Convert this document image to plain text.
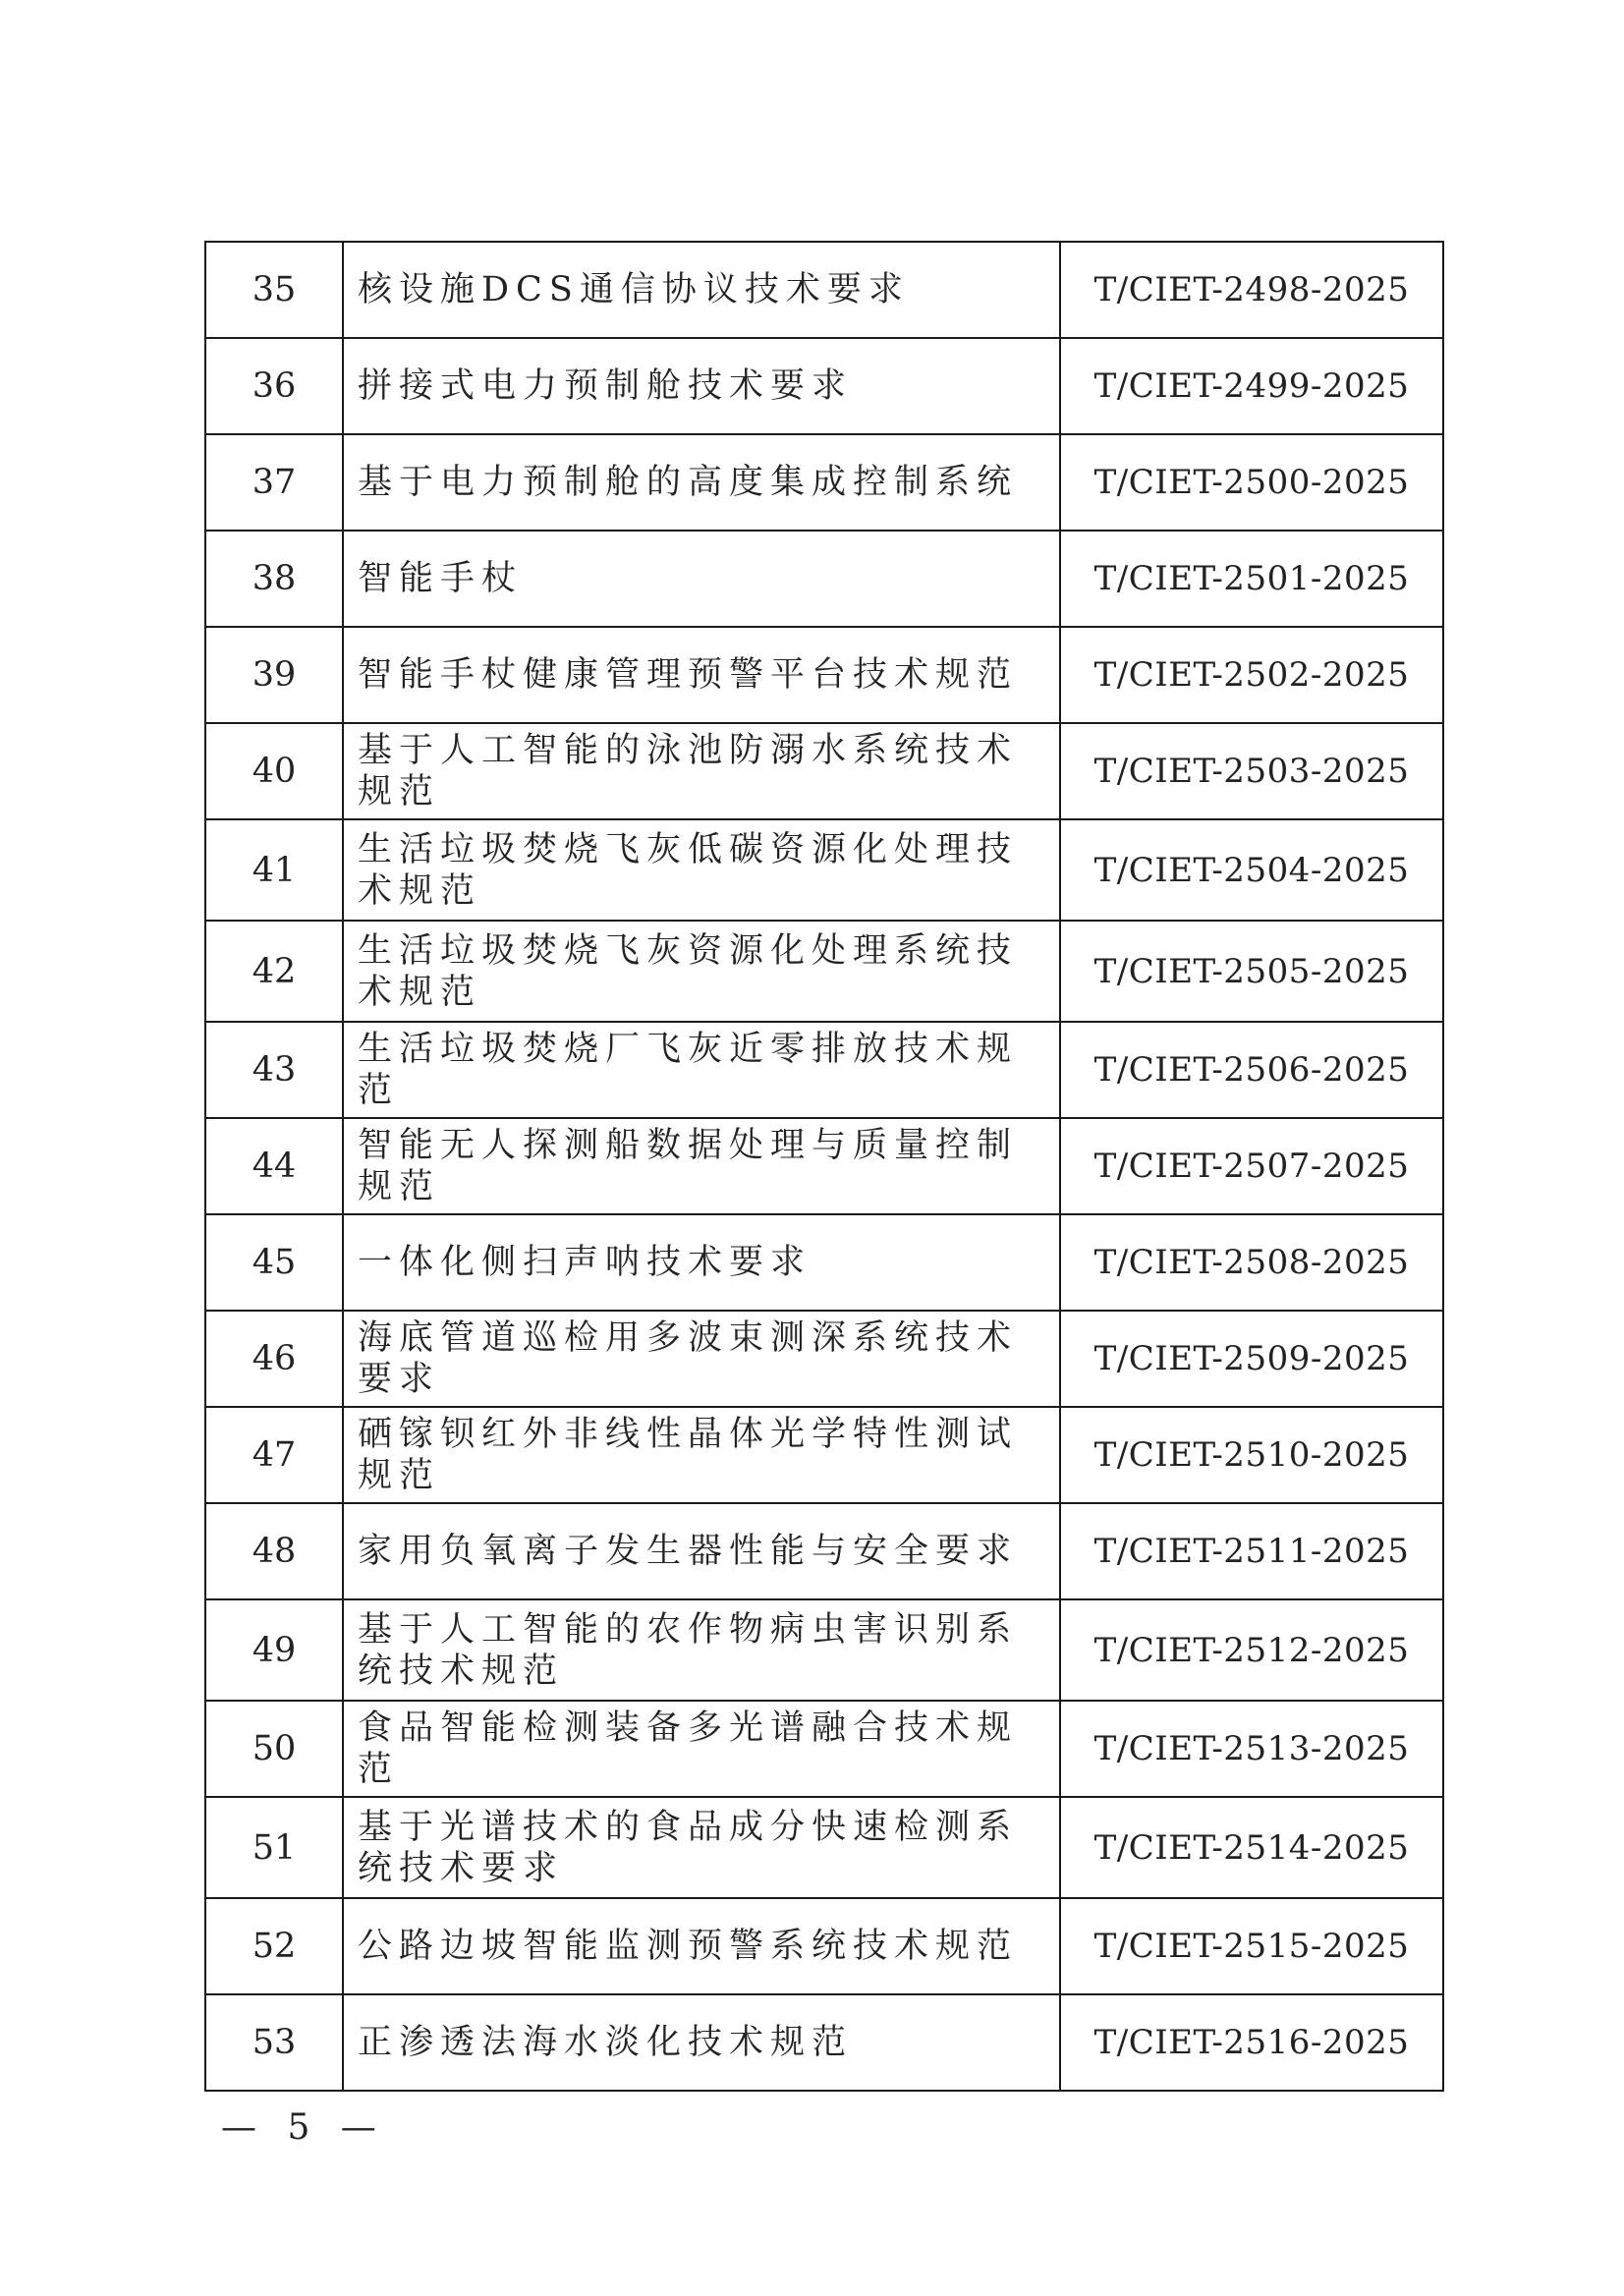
35	核设施DCS通信协议技术要求	T/CIET-2498-2025
36	拼接式电力预制舱技术要求	T/CIET-2499-2025
37	基于电力预制舱的高度集成控制系统	T/CIET-2500-2025
38	智能手杖	T/CIET-2501-2025
39	智能手杖健康管理预警平台技术规范	T/CIET-2502-2025
40	基于人工智能的泳池防溺水系统技术规范	T/CIET-2503-2025
41	生活垃圾焚烧飞灰低碳资源化处理技术规范	T/CIET-2504-2025
42	生活垃圾焚烧飞灰资源化处理系统技术规范	T/CIET-2505-2025
43	生活垃圾焚烧厂飞灰近零排放技术规范	T/CIET-2506-2025
44	智能无人探测船数据处理与质量控制规范	T/CIET-2507-2025
45	一体化侧扫声呐技术要求	T/CIET-2508-2025
46	海底管道巡检用多波束测深系统技术要求	T/CIET-2509-2025
47	硒镓钡红外非线性晶体光学特性测试规范	T/CIET-2510-2025
48	家用负氧离子发生器性能与安全要求	T/CIET-2511-2025
49	基于人工智能的农作物病虫害识别系统技术规范	T/CIET-2512-2025
50	食品智能检测装备多光谱融合技术规范	T/CIET-2513-2025
51	基于光谱技术的食品成分快速检测系统技术要求	T/CIET-2514-2025
52	公路边坡智能监测预警系统技术规范	T/CIET-2515-2025
53	正渗透法海水淡化技术规范	T/CIET-2516-2025
— 5 —
